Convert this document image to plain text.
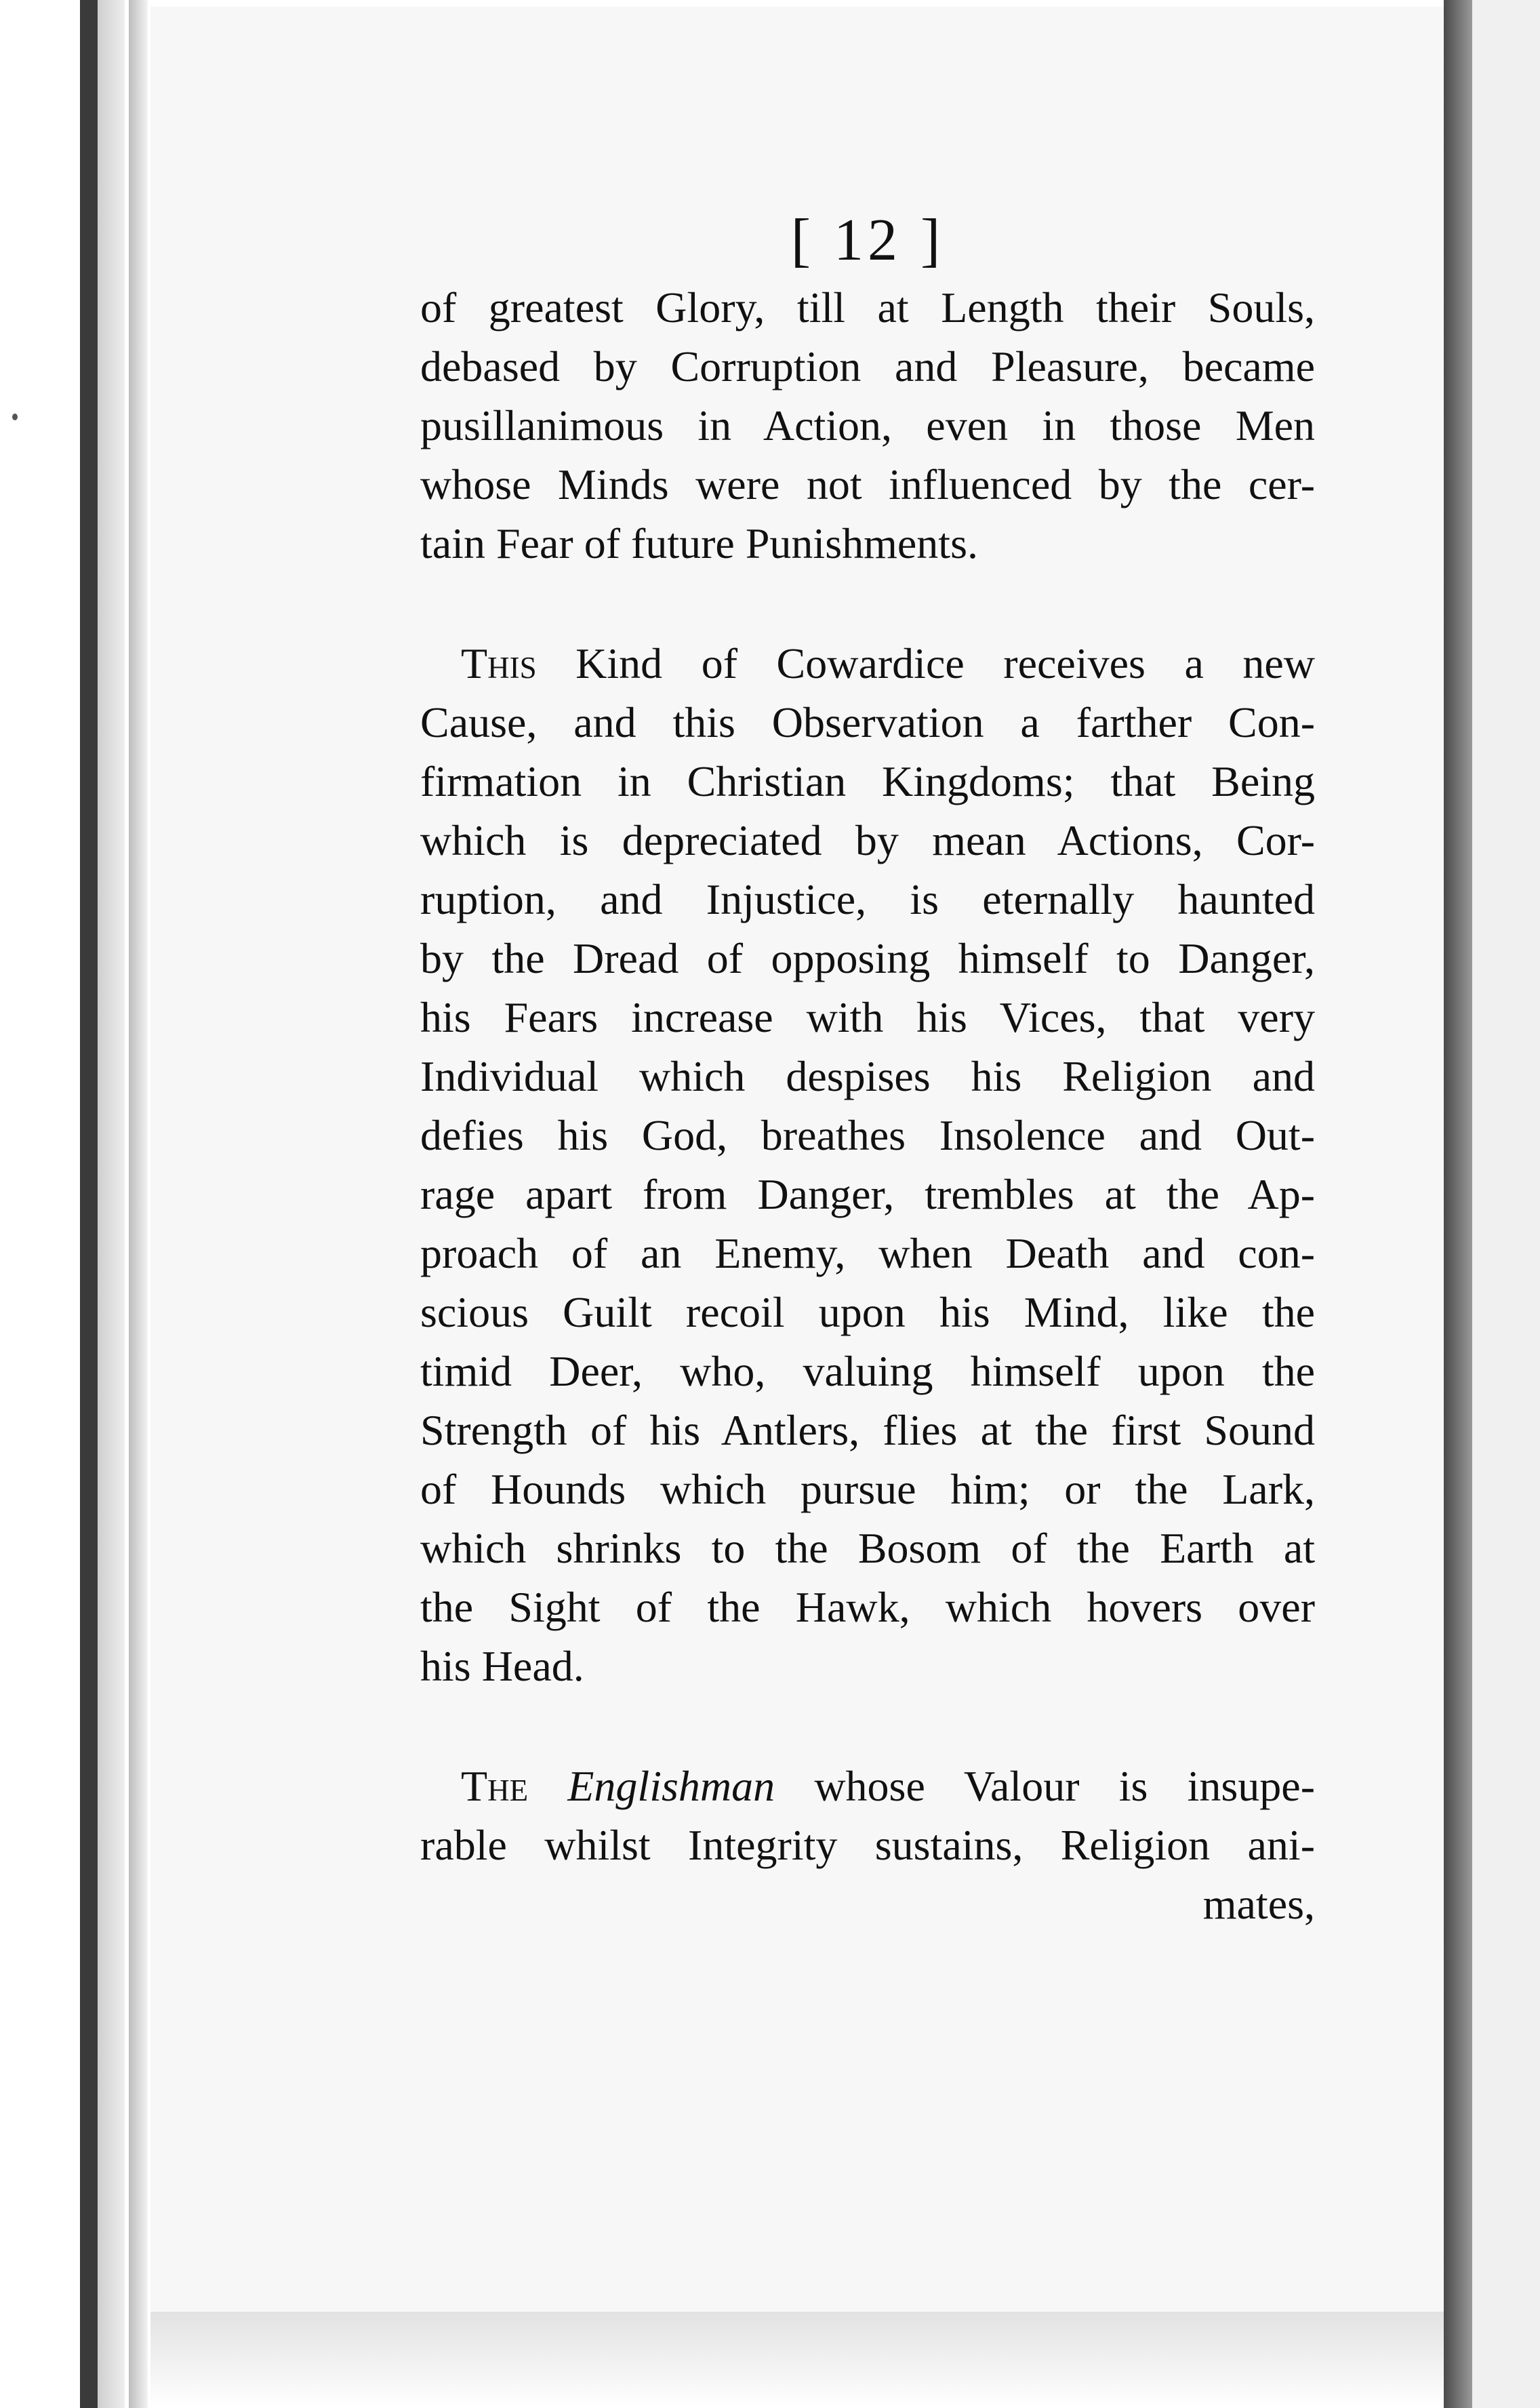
[ 12 ]
of greatest Glory, till at Length their Souls,
debased by Corruption and Pleasure, became
pusillanimous in Action, even in those Men
whose Minds were not influenced by the cer-
tain Fear of future Punishments.
This Kind of Cowardice receives a new
Cause, and this Observation a farther Con-
firmation in Christian Kingdoms; that Being
which is depreciated by mean Actions, Cor-
ruption, and Injustice, is eternally haunted
by the Dread of opposing himself to Danger,
his Fears increase with his Vices, that very
Individual which despises his Religion and
defies his God, breathes Insolence and Out-
rage apart from Danger, trembles at the Ap-
proach of an Enemy, when Death and con-
scious Guilt recoil upon his Mind, like the
timid Deer, who, valuing himself upon the
Strength of his Antlers, flies at the first Sound
of Hounds which pursue him; or the Lark,
which shrinks to the Bosom of the Earth at
the Sight of the Hawk, which hovers over
his Head.
The Englishman whose Valour is insupe-
rable whilst Integrity sustains, Religion ani-
mates,
